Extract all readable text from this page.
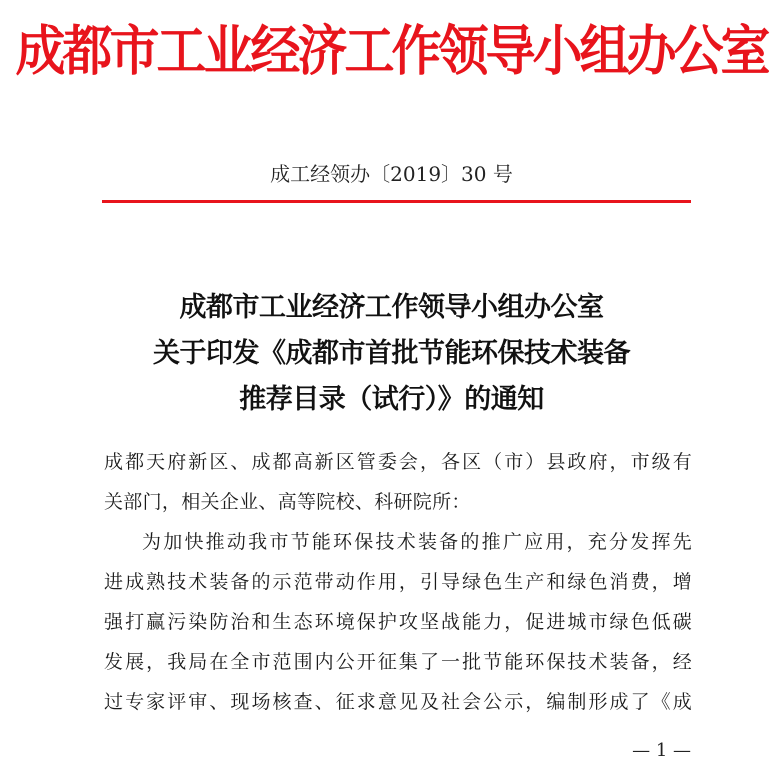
成都市工业经济工作领导小组办公室
成工经领办〔2019〕30 号
成都市工业经济工作领导小组办公室
关于印发《成都市首批节能环保技术装备
推荐目录（试行）》的通知

成都天府新区、成都高新区管委会，各区（市）县政府，市级有
关部门，相关企业、高等院校、科研院所：

为加快推动我市节能环保技术装备的推广应用，充分发挥先
进成熟技术装备的示范带动作用，引导绿色生产和绿色消费，增
强打赢污染防治和生态环境保护攻坚战能力，促进城市绿色低碳
发展，我局在全市范围内公开征集了一批节能环保技术装备，经
过专家评审、现场核查、征求意见及社会公示，编制形成了《成

— 1 —
